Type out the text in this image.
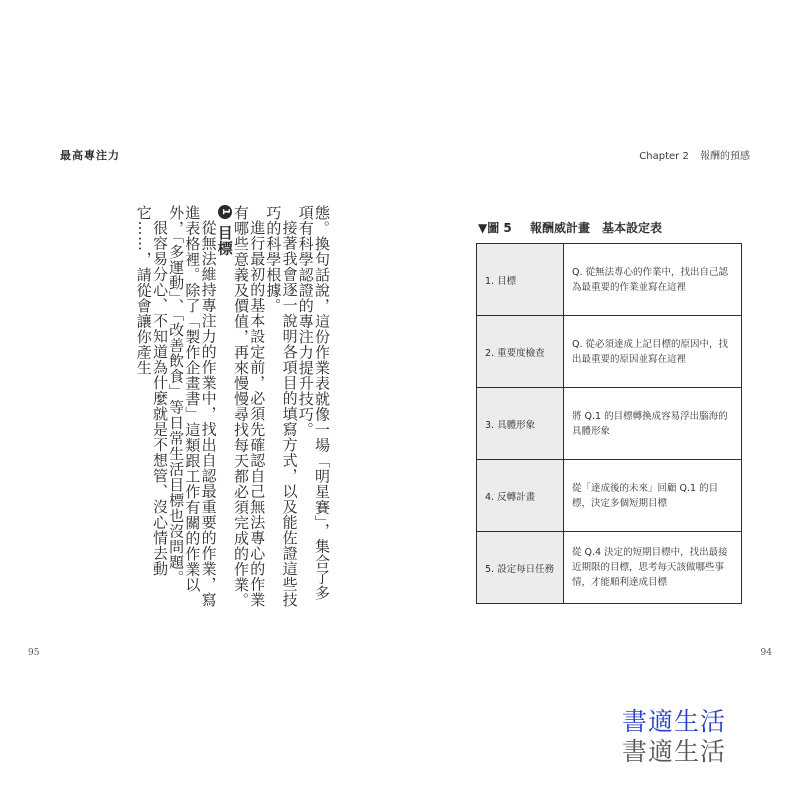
最高專注力

態。換句話說，這份作業表就像一場「明星賽」，集合了多項有科學認證的專注力提升技巧。

接著我會逐一說明各項目的填寫方式，以及能佐證這些技巧的科學根據。

進行最初的基本設定前，必須先確認自己無法專心的作業有哪些意義及價值，再來慢慢尋找每天都必須完成的作業。

1 目標

從無法維持專注力的作業中，找出自認最重要的作業，寫進表格裡。除了「製作企畫書」這類跟工作有關的作業以外，「多運動」、「改善飲食」等日常生活目標也沒問題。

很容易分心、不知道為什麼就是不想管、沒心情去動它……，請從會讓你產生

95
Chapter 2 報酬的預感
▼圖 5 報酬威計畫　基本設定表
1. 目標	Q. 從無法專心的作業中，找出自己認為最重要的作業並寫在這裡
2. 重要度檢查	Q. 從必須達成上記目標的原因中，找出最重要的原因並寫在這裡
3. 具體形象	將 Q.1 的目標轉換成容易浮出腦海的具體形象
4. 反轉計畫	從「達成後的未來」回顧 Q.1 的目標，決定多個短期目標
5. 設定每日任務	從 Q.4 決定的短期目標中，找出最接近期限的目標，思考每天該做哪些事情，才能順利達成目標
94
書適生活
書適生活
